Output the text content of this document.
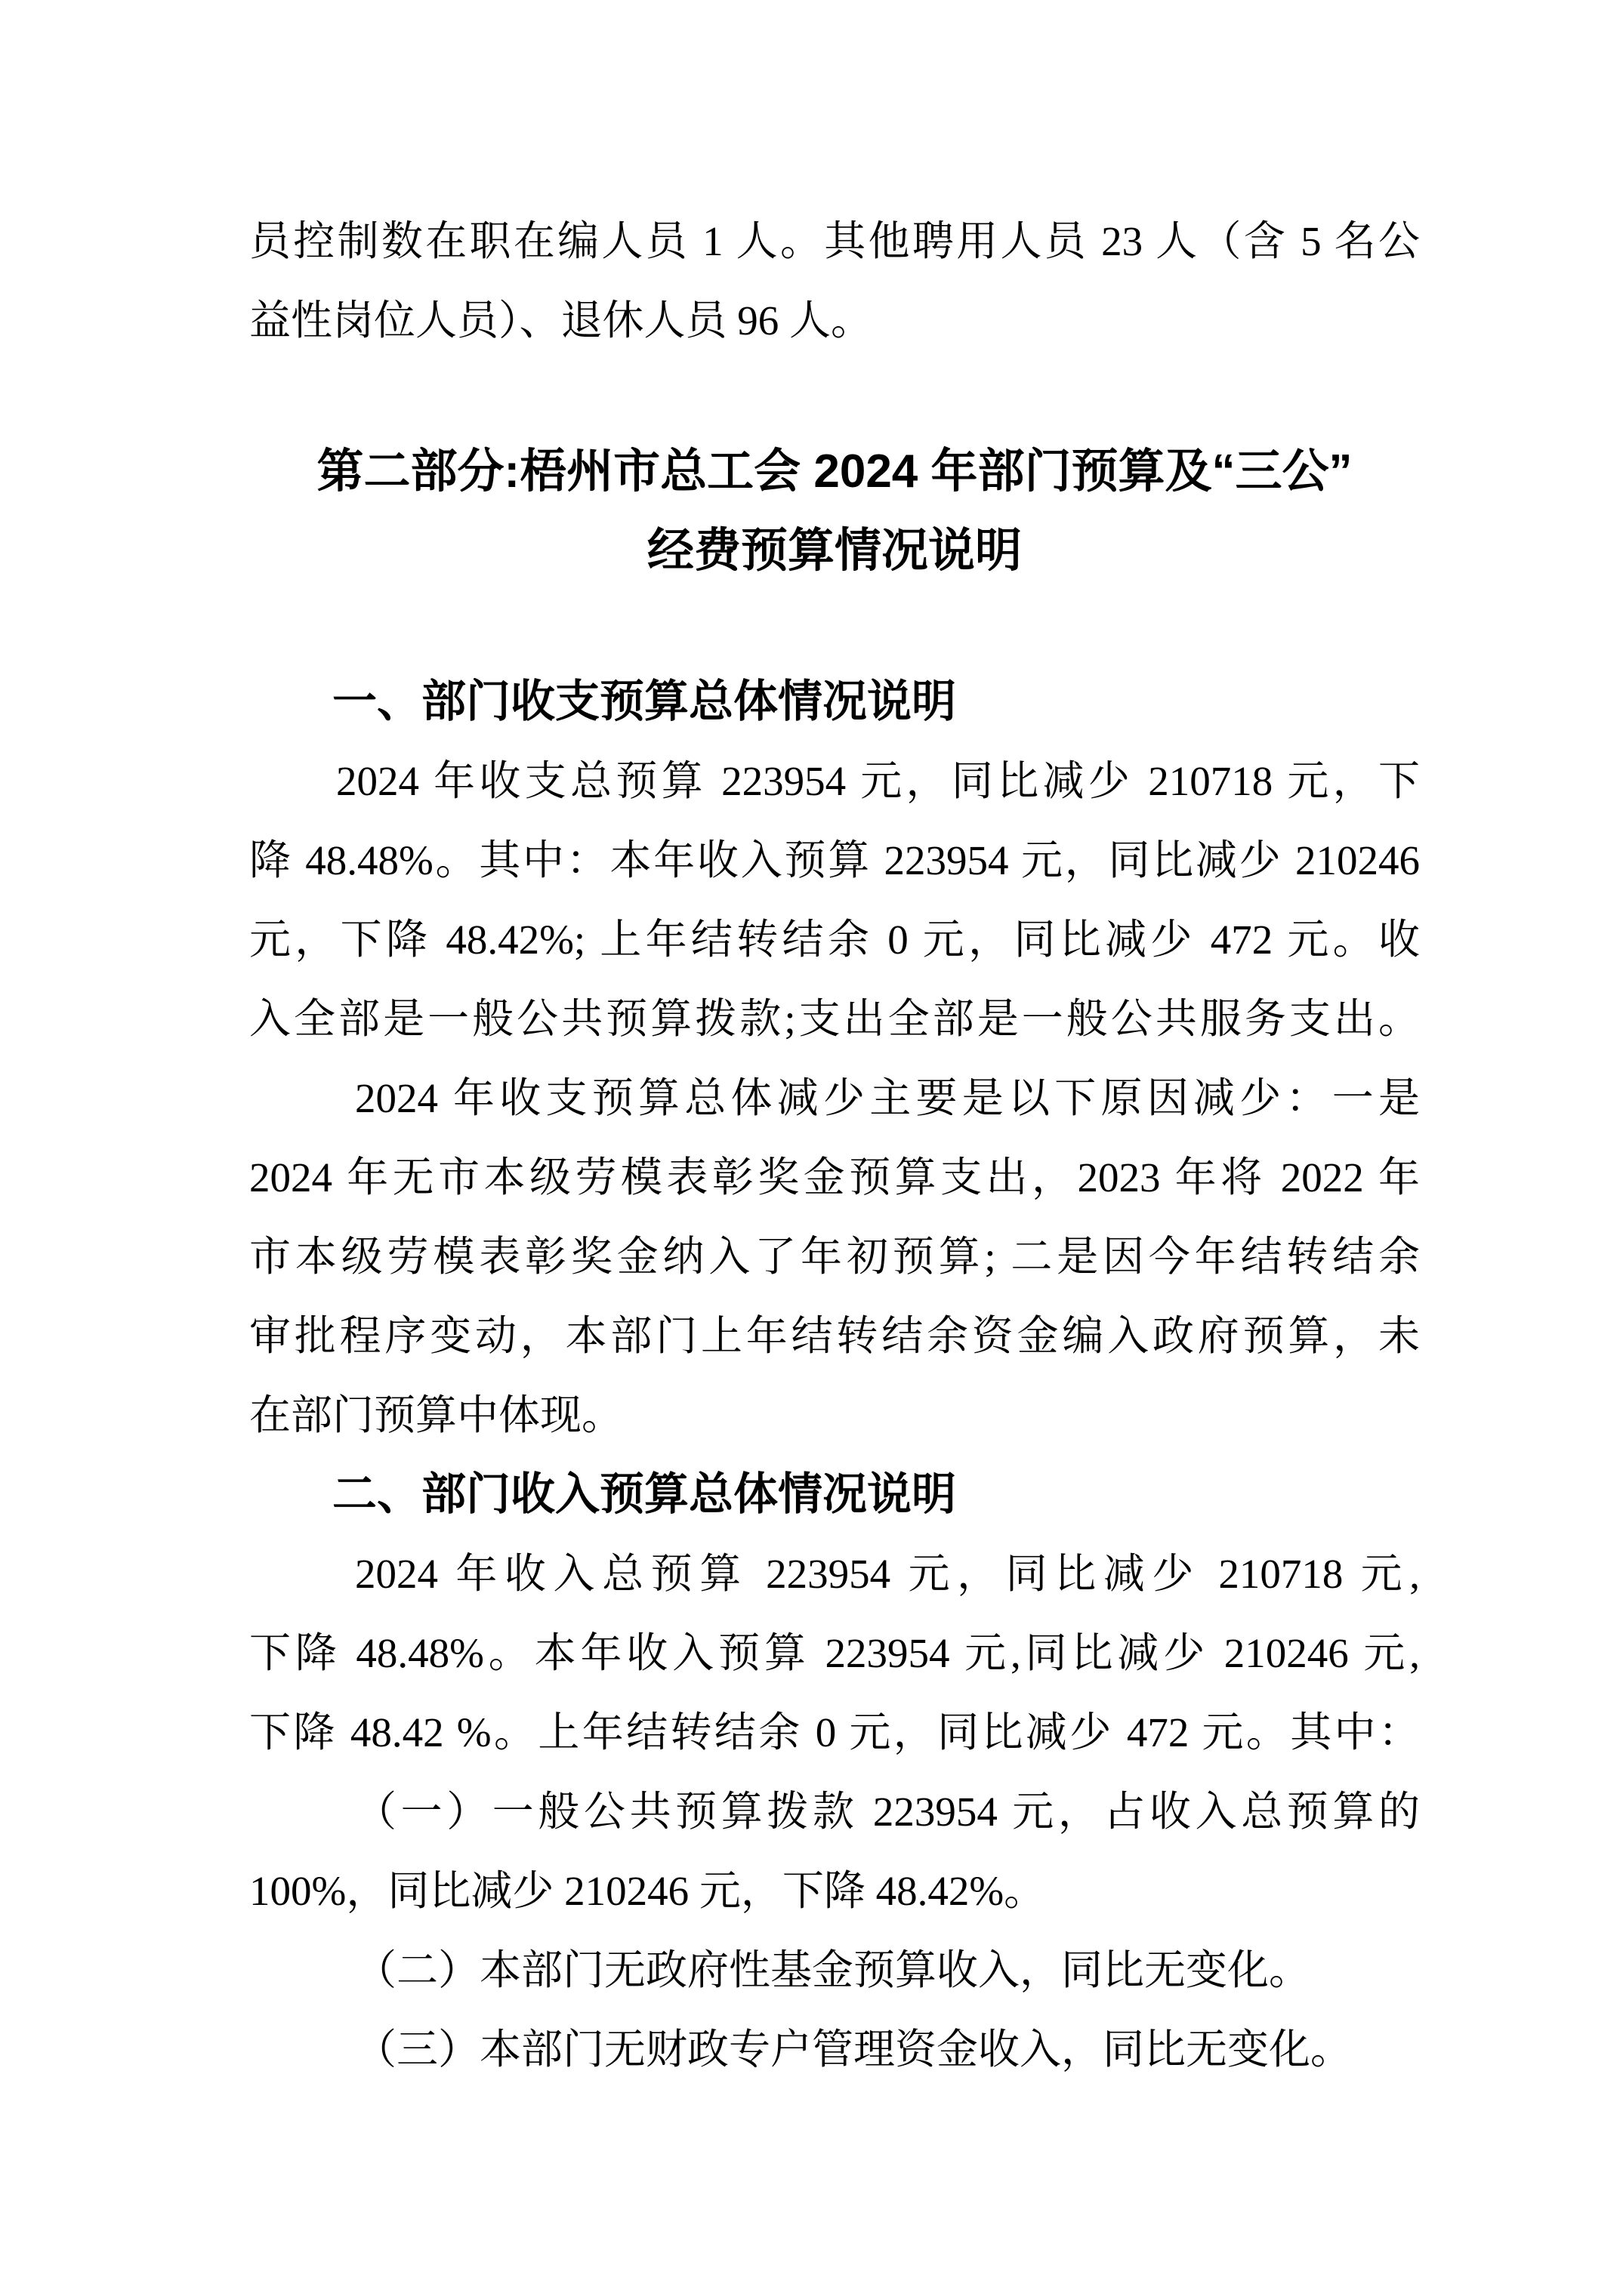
员控制数在职在编人员 1 人。其他聘用人员 23 人（含 5 名公
益性岗位人员）、退休人员 96 人。
第二部分:梧州市总工会 2024 年部门预算及“三公”
经费预算情况说明
一、部门收支预算总体情况说明
2024 年收支总预算 223954 元，同比减少 210718 元，下
降 48.48%。其中：本年收入预算 223954 元，同比减少 210246
元，下降 48.42%; 上年结转结余 0 元，同比减少 472 元。收
入全部是一般公共预算拨款;支出全部是一般公共服务支出。
2024 年收支预算总体减少主要是以下原因减少：一是
2024 年无市本级劳模表彰奖金预算支出，2023 年将 2022 年
市本级劳模表彰奖金纳入了年初预算; 二是因今年结转结余
审批程序变动，本部门上年结转结余资金编入政府预算，未
在部门预算中体现。
二、部门收入预算总体情况说明
2024 年收入总预算 223954 元，同比减少 210718 元,
下降 48.48%。本年收入预算 223954 元,同比减少 210246 元,
下降 48.42 %。上年结转结余 0 元，同比减少 472 元。其中：
（一）一般公共预算拨款 223954 元，占收入总预算的
100%，同比减少 210246 元，下降 48.42%。
（二）本部门无政府性基金预算收入，同比无变化。
（三）本部门无财政专户管理资金收入，同比无变化。
